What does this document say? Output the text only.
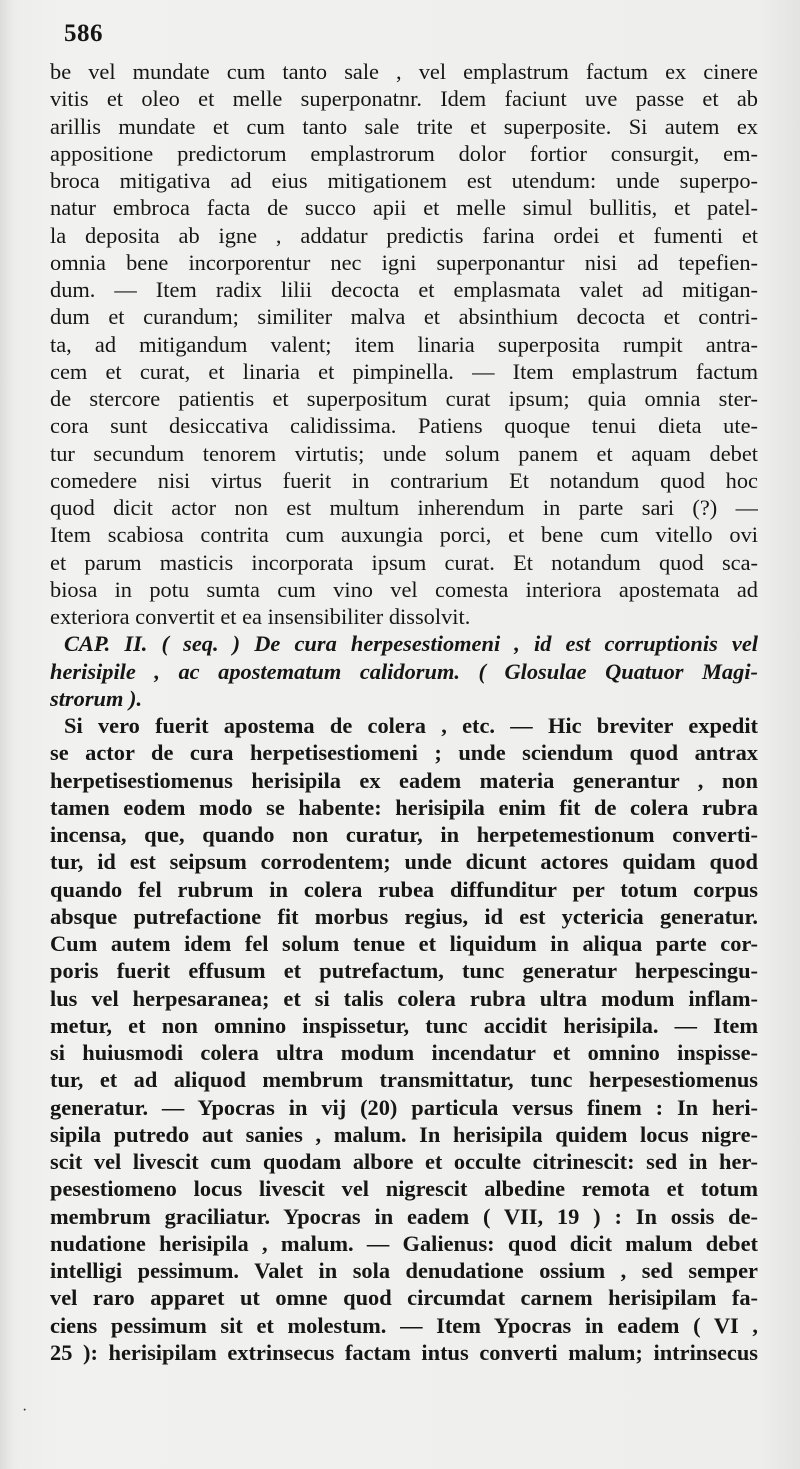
586
be vel mundate cum tanto sale , vel emplastrum factum ex cinere
vitis et oleo et melle superponatnr. Idem faciunt uve passe et ab
arillis mundate et cum tanto sale trite et superposite. Si autem ex
appositione predictorum emplastrorum dolor fortior consurgit, em-
broca mitigativa ad eius mitigationem est utendum: unde superpo-
natur embroca facta de succo apii et melle simul bullitis, et patel-
la deposita ab igne , addatur predictis farina ordei et fumenti et
omnia bene incorporentur nec igni superponantur nisi ad tepefien-
dum. — Item radix lilii decocta et emplasmata valet ad mitigan-
dum et curandum; similiter malva et absinthium decocta et contri-
ta, ad mitigandum valent; item linaria superposita rumpit antra-
cem et curat, et linaria et pimpinella. — Item emplastrum factum
de stercore patientis et superpositum curat ipsum; quia omnia ster-
cora sunt desiccativa calidissima. Patiens quoque tenui dieta ute-
tur secundum tenorem virtutis; unde solum panem et aquam debet
comedere nisi virtus fuerit in contrarium Et notandum quod hoc
quod dicit actor non est multum inherendum in parte sari (?) —
Item scabiosa contrita cum auxungia porci, et bene cum vitello ovi
et parum masticis incorporata ipsum curat. Et notandum quod sca-
biosa in potu sumta cum vino vel comesta interiora apostemata ad
exteriora convertit et ea insensibiliter dissolvit.
CAP. II. ( seq. ) De cura herpesestiomeni , id est corruptionis vel
herisipile , ac apostematum calidorum. ( Glosulae Quatuor Magi-
strorum ).
Si vero fuerit apostema de colera , etc. — Hic breviter expedit
se actor de cura herpetisestiomeni ; unde sciendum quod antrax
herpetisestiomenus herisipila ex eadem materia generantur , non
tamen eodem modo se habente: herisipila enim fit de colera rubra
incensa, que, quando non curatur, in herpetemestionum converti-
tur, id est seipsum corrodentem; unde dicunt actores quidam quod
quando fel rubrum in colera rubea diffunditur per totum corpus
absque putrefactione fit morbus regius, id est yctericia generatur.
Cum autem idem fel solum tenue et liquidum in aliqua parte cor-
poris fuerit effusum et putrefactum, tunc generatur herpescingu-
lus vel herpesaranea; et si talis colera rubra ultra modum inflam-
metur, et non omnino inspissetur, tunc accidit herisipila. — Item
si huiusmodi colera ultra modum incendatur et omnino inspisse-
tur, et ad aliquod membrum transmittatur, tunc herpesestiomenus
generatur. — Ypocras in vij (20) particula versus finem : In heri-
sipila putredo aut sanies , malum. In herisipila quidem locus nigre-
scit vel livescit cum quodam albore et occulte citrinescit: sed in her-
pesestiomeno locus livescit vel nigrescit albedine remota et totum
membrum graciliatur. Ypocras in eadem ( VII, 19 ) : In ossis de-
nudatione herisipila , malum. — Galienus: quod dicit malum debet
intelligi pessimum. Valet in sola denudatione ossium , sed semper
vel raro apparet ut omne quod circumdat carnem herisipilam fa-
ciens pessimum sit et molestum. — Item Ypocras in eadem ( VI ,
25 ): herisipilam extrinsecus factam intus converti malum; intrinsecus
·
